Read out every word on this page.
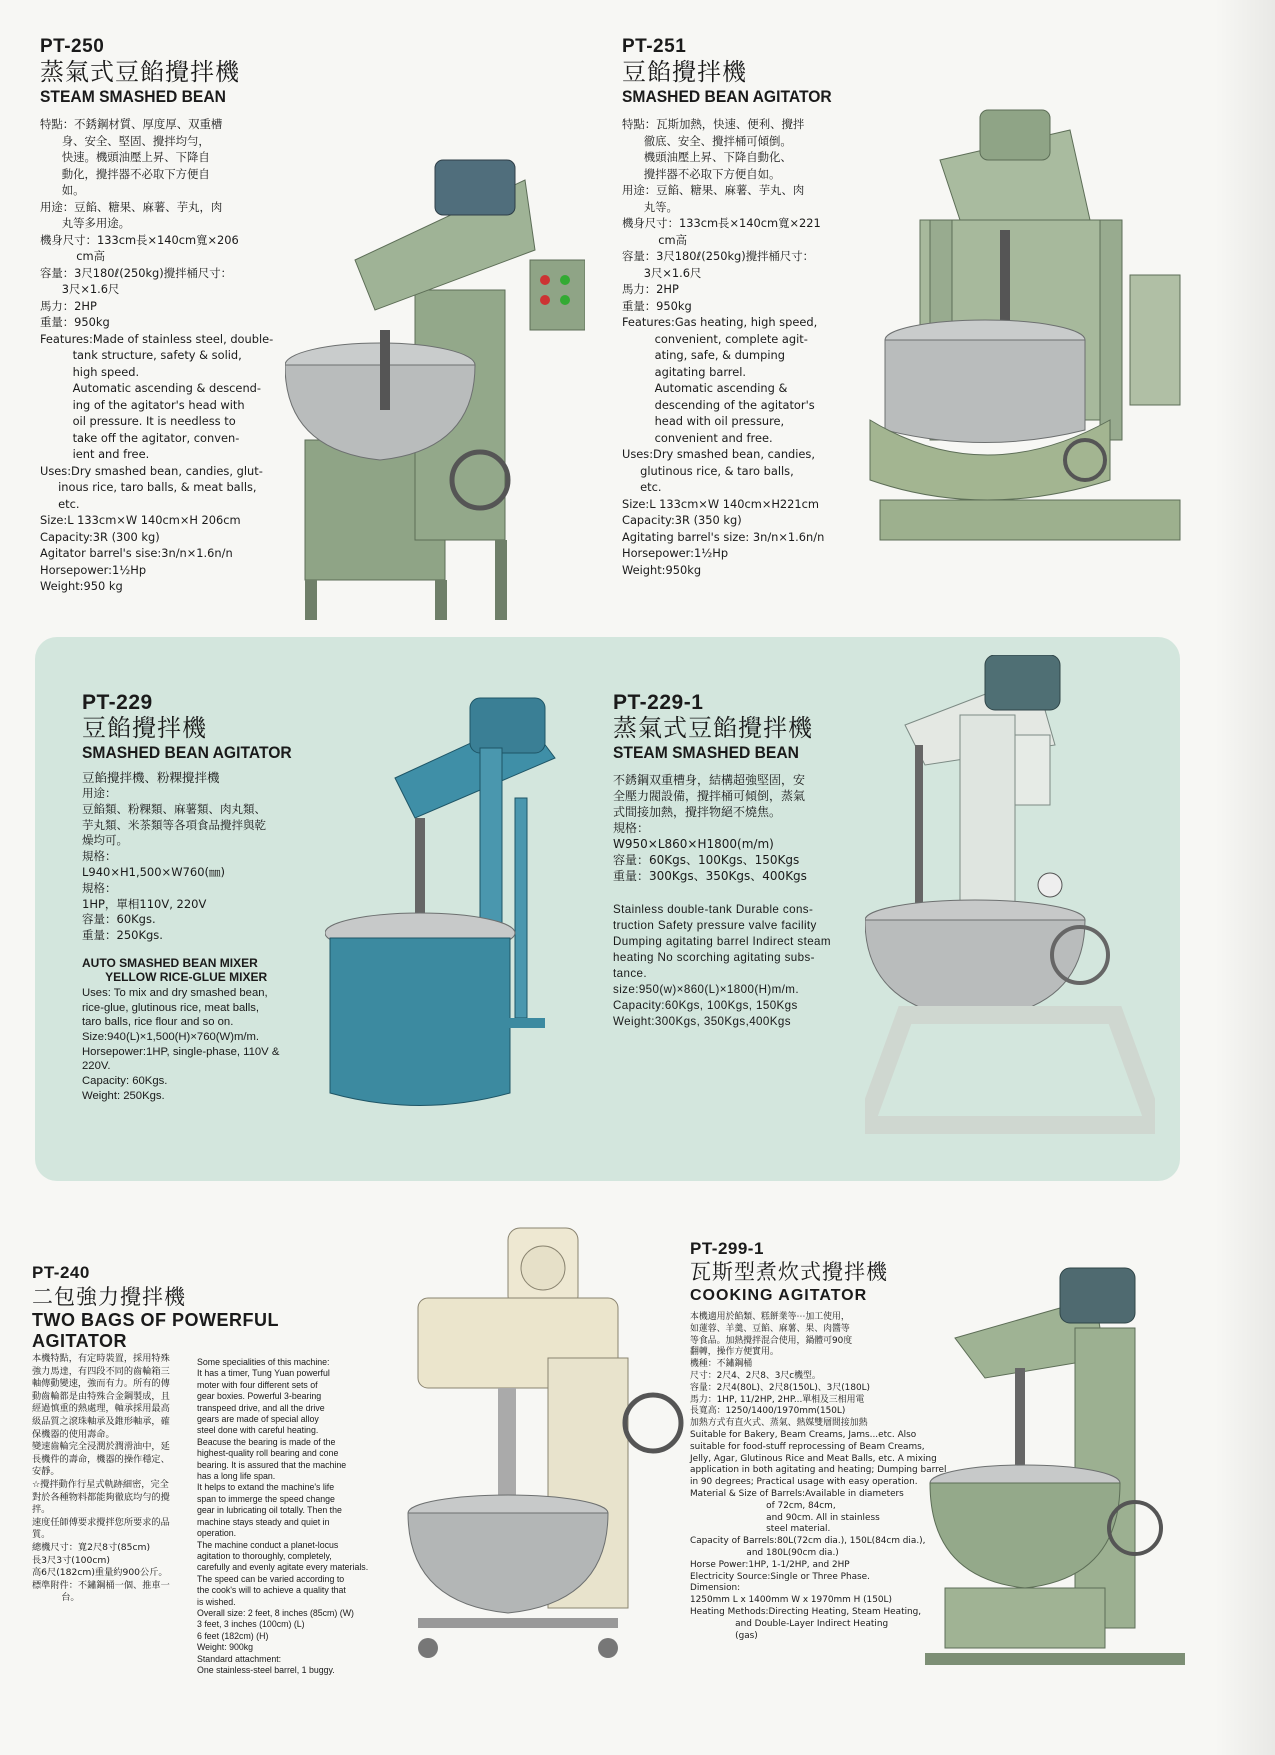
PT-250
蒸氣式豆餡攪拌機
STEAM SMASHED BEAN
特點：不銹鋼材質、厚度厚、双重槽
身、安全、堅固、攪拌均勻，
快速。機頭油壓上昇、下降自
動化，攪拌器不必取下方便自
如。
用途：豆餡、糖果、麻薯、芋丸，肉
丸等多用途。
機身尺寸：133cm長×140cm寬×206
cm高
容量：3尺180ℓ(250kg)攪拌桶尺寸：
3尺×1.6尺
馬力：2HP
重量：950kg
Features:Made of stainless steel, double-
tank structure, safety & solid,
high speed.
Automatic ascending & descend-
ing of the agitator's head with
oil pressure. It is needless to
take off the agitator, conven-
ient and free.
Uses:Dry smashed bean, candies, glut-
inous rice, taro balls, & meat balls,
etc.
Size:L 133cm×W 140cm×H 206cm
Capacity:3R (300 kg)
Agitator barrel's sise:3n/n×1.6n/n
Horsepower:1½Hp
Weight:950 kg
PT-251
豆餡攪拌機
SMASHED BEAN AGITATOR
特點：瓦斯加熱，快速、便利、攪拌
徹底、安全、攪拌桶可傾倒。
機頭油壓上昇、下降自動化、
攪拌器不必取下方便自如。
用途：豆餡、糖果、麻薯、芋丸、肉
丸等。
機身尺寸：133cm長×140cm寬×221
cm高
容量：3尺180ℓ(250kg)攪拌桶尺寸：
3尺×1.6尺
馬力：2HP
重量：950kg
Features:Gas heating, high speed,
convenient, complete agit-
ating, safe, & dumping
agitating barrel.
Automatic ascending &
descending of the agitator's
head with oil pressure,
convenient and free.
Uses:Dry smashed bean, candies,
glutinous rice, & taro balls,
etc.
Size:L 133cm×W 140cm×H221cm
Capacity:3R (350 kg)
Agitating barrel's size: 3n/n×1.6n/n
Horsepower:1½Hp
Weight:950kg
PT-229
豆餡攪拌機
SMASHED BEAN AGITATOR
豆餡攪拌機、粉粿攪拌機
用途：
豆餡類、粉粿類、麻薯類、肉丸類、
芋丸類、米茶類等各項食品攪拌與乾
燥均可。
規格：
L940×H1,500×W760(㎜)
規格：
1HP，單相110V, 220V
容量：60Kgs.
重量：250Kgs.
AUTO SMASHED BEAN MIXER
YELLOW RICE-GLUE MIXER
Uses: To mix and dry smashed bean,
rice-glue, glutinous rice, meat balls,
taro balls, rice flour and so on.
Size:940(L)×1,500(H)×760(W)m/m.
Horsepower:1HP, single-phase, 110V &
220V.
Capacity: 60Kgs.
Weight: 250Kgs.
PT-229-1
蒸氣式豆餡攪拌機
STEAM SMASHED BEAN
不銹鋼双重槽身，結構超強堅固，安
全壓力閥設備，攪拌桶可傾倒，蒸氣
式間接加熱，攪拌物絕不燒焦。
規格：
W950×L860×H1800(m/m)
容量：60Kgs、100Kgs、150Kgs
重量：300Kgs、350Kgs、400Kgs
Stainless double-tank Durable cons-
truction Safety pressure valve facility
Dumping agitating barrel Indirect steam
heating No scorching agitating subs-
tance.
size:950(w)×860(L)×1800(H)m/m.
Capacity:60Kgs, 100Kgs, 150Kgs
Weight:300Kgs, 350Kgs,400Kgs
PT-240
二包強力攪拌機
TWO BAGS OF POWERFUL
AGITATOR
本機特點，有定時裝置，採用特殊
強力馬達，有四段不同的齒輪箱三
軸傳動變速，強而有力。所有的傳
動齒輪都是由特殊合金鋼製成，且
經過慎重的熱處理，軸承採用最高
級品質之滾珠軸承及錐形軸承，確
保機器的使用壽命。
變速齒輪完全浸潤於潤滑油中，延
長機件的壽命，機器的操作穩定、
安靜。
☆攪拌動作行星式軌跡細密，完全
對於各種物料都能夠徹底均勻的攪
拌。
速度任師傅要求攪拌您所要求的品
質。
總機尺寸：寬2尺8寸(85cm)
長3尺3寸(100cm)
高6尺(182cm)重量約900公斤。
標準附件：不鏽鋼桶一個、推車一
台。
Some specialities of this machine:
It has a timer, Tung Yuan powerful
moter with four different sets of
gear boxies. Powerful 3-bearing
transpeed drive, and all the drive
gears are made of special alloy
steel done with careful heating.
Beacuse the bearing is made of the
highest-quality roll bearing and cone
bearing. It is assured that the machine
has a long life span.
It helps to extand the machine's life
span to immerge the speed change
gear in lubricating oil totally. Then the
machine stays steady and quiet in
operation.
The machine conduct a planet-locus
agitation to thoroughly, completely,
carefully and evenly agitate every materials.
The speed can be varied according to
the cook's will to achieve a quality that
is wished.
Overall size: 2 feet, 8 inches (85cm) (W)
3 feet, 3 inches (100cm) (L)
6 feet (182cm) (H)
Weight: 900kg
Standard attachment:
One stainless-steel barrel, 1 buggy.
PT-299-1
瓦斯型煮炊式攪拌機
COOKING AGITATOR
本機適用於餡類、糕餅業等⋯加工使用，
如蓮蓉、羊羹、豆餡、麻薯、果、肉醬等
等食品。加熱攪拌混合使用，鍋體可90度
翻轉，操作方便實用。
機種：不鏽鋼桶
尺寸：2尺4、2尺8、3尺c機型。
容量：2尺4(80L)、2尺8(150L)、3尺(180L)
馬力：1HP, 11/2HP, 2HP...單相及三相用電
長寬高：1250/1400/1970mm(150L)
加熱方式有直火式、蒸氣、熱媒雙層間接加熱
Suitable for Bakery, Beam Creams, Jams...etc. Also
suitable for food-stuff reprocessing of Beam Creams,
Jelly, Agar, Glutinous Rice and Meat Balls, etc. A mixing
application in both agitating and heating; Dumping barrel
in 90 degrees; Practical usage with easy operation.
Material & Size of Barrels:Available in diameters
of 72cm, 84cm,
and 90cm. All in stainless
steel material.
Capacity of Barrels:80L(72cm dia.), 150L(84cm dia.),
and 180L(90cm dia.)
Horse Power:1HP, 1-1/2HP, and 2HP
Electricity Source:Single or Three Phase.
Dimension:
1250mm L x 1400mm W x 1970mm H (150L)
Heating Methods:Directing Heating, Steam Heating,
and Double-Layer Indirect Heating
(gas)
